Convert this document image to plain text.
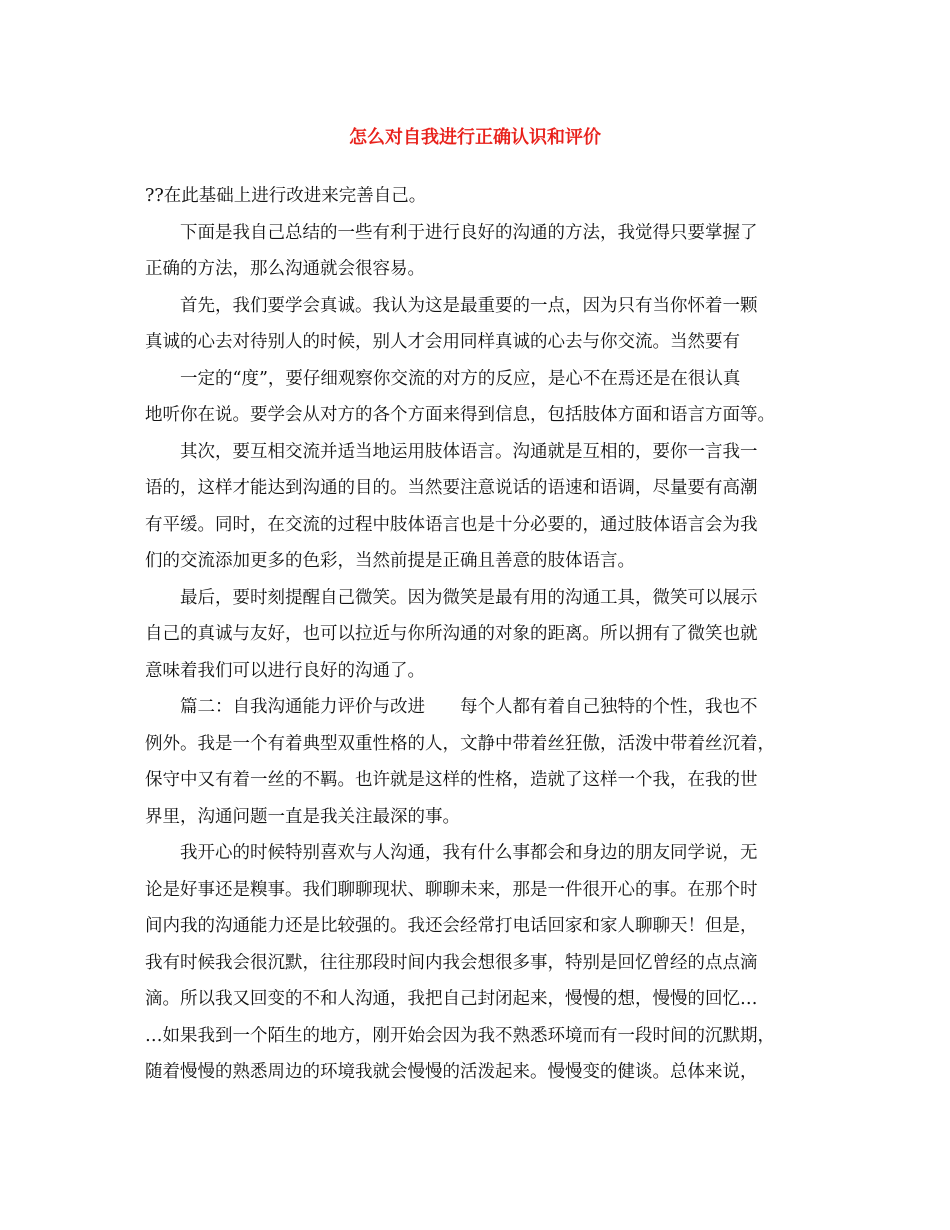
怎么对自我进行正确认识和评价
??在此基础上进行改进来完善自己。
下面是我自己总结的一些有利于进行良好的沟通的方法，我觉得只要掌握了
正确的方法，那么沟通就会很容易。
首先，我们要学会真诚。我认为这是最重要的一点，因为只有当你怀着一颗
真诚的心去对待别人的时候，别人才会用同样真诚的心去与你交流。当然要有
一定的“度”，要仔细观察你交流的对方的反应，是心不在焉还是在很认真
地听你在说。要学会从对方的各个方面来得到信息，包括肢体方面和语言方面等。
其次，要互相交流并适当地运用肢体语言。沟通就是互相的，要你一言我一
语的，这样才能达到沟通的目的。当然要注意说话的语速和语调，尽量要有高潮
有平缓。同时，在交流的过程中肢体语言也是十分必要的，通过肢体语言会为我
们的交流添加更多的色彩，当然前提是正确且善意的肢体语言。
最后，要时刻提醒自己微笑。因为微笑是最有用的沟通工具，微笑可以展示
自己的真诚与友好，也可以拉近与你所沟通的对象的距离。所以拥有了微笑也就
意味着我们可以进行良好的沟通了。
篇二：自我沟通能力评价与改进　　每个人都有着自己独特的个性，我也不
例外。我是一个有着典型双重性格的人，文静中带着丝狂傲，活泼中带着丝沉着，
保守中又有着一丝的不羁。也许就是这样的性格，造就了这样一个我，在我的世
界里，沟通问题一直是我关注最深的事。
我开心的时候特别喜欢与人沟通，我有什么事都会和身边的朋友同学说，无
论是好事还是糗事。我们聊聊现状、聊聊未来，那是一件很开心的事。在那个时
间内我的沟通能力还是比较强的。我还会经常打电话回家和家人聊聊天！但是，
我有时候我会很沉默，往往那段时间内我会想很多事，特别是回忆曾经的点点滴
滴。所以我又回变的不和人沟通，我把自己封闭起来，慢慢的想，慢慢的回忆…
…如果我到一个陌生的地方，刚开始会因为我不熟悉环境而有一段时间的沉默期，
随着慢慢的熟悉周边的环境我就会慢慢的活泼起来。慢慢变的健谈。总体来说，
